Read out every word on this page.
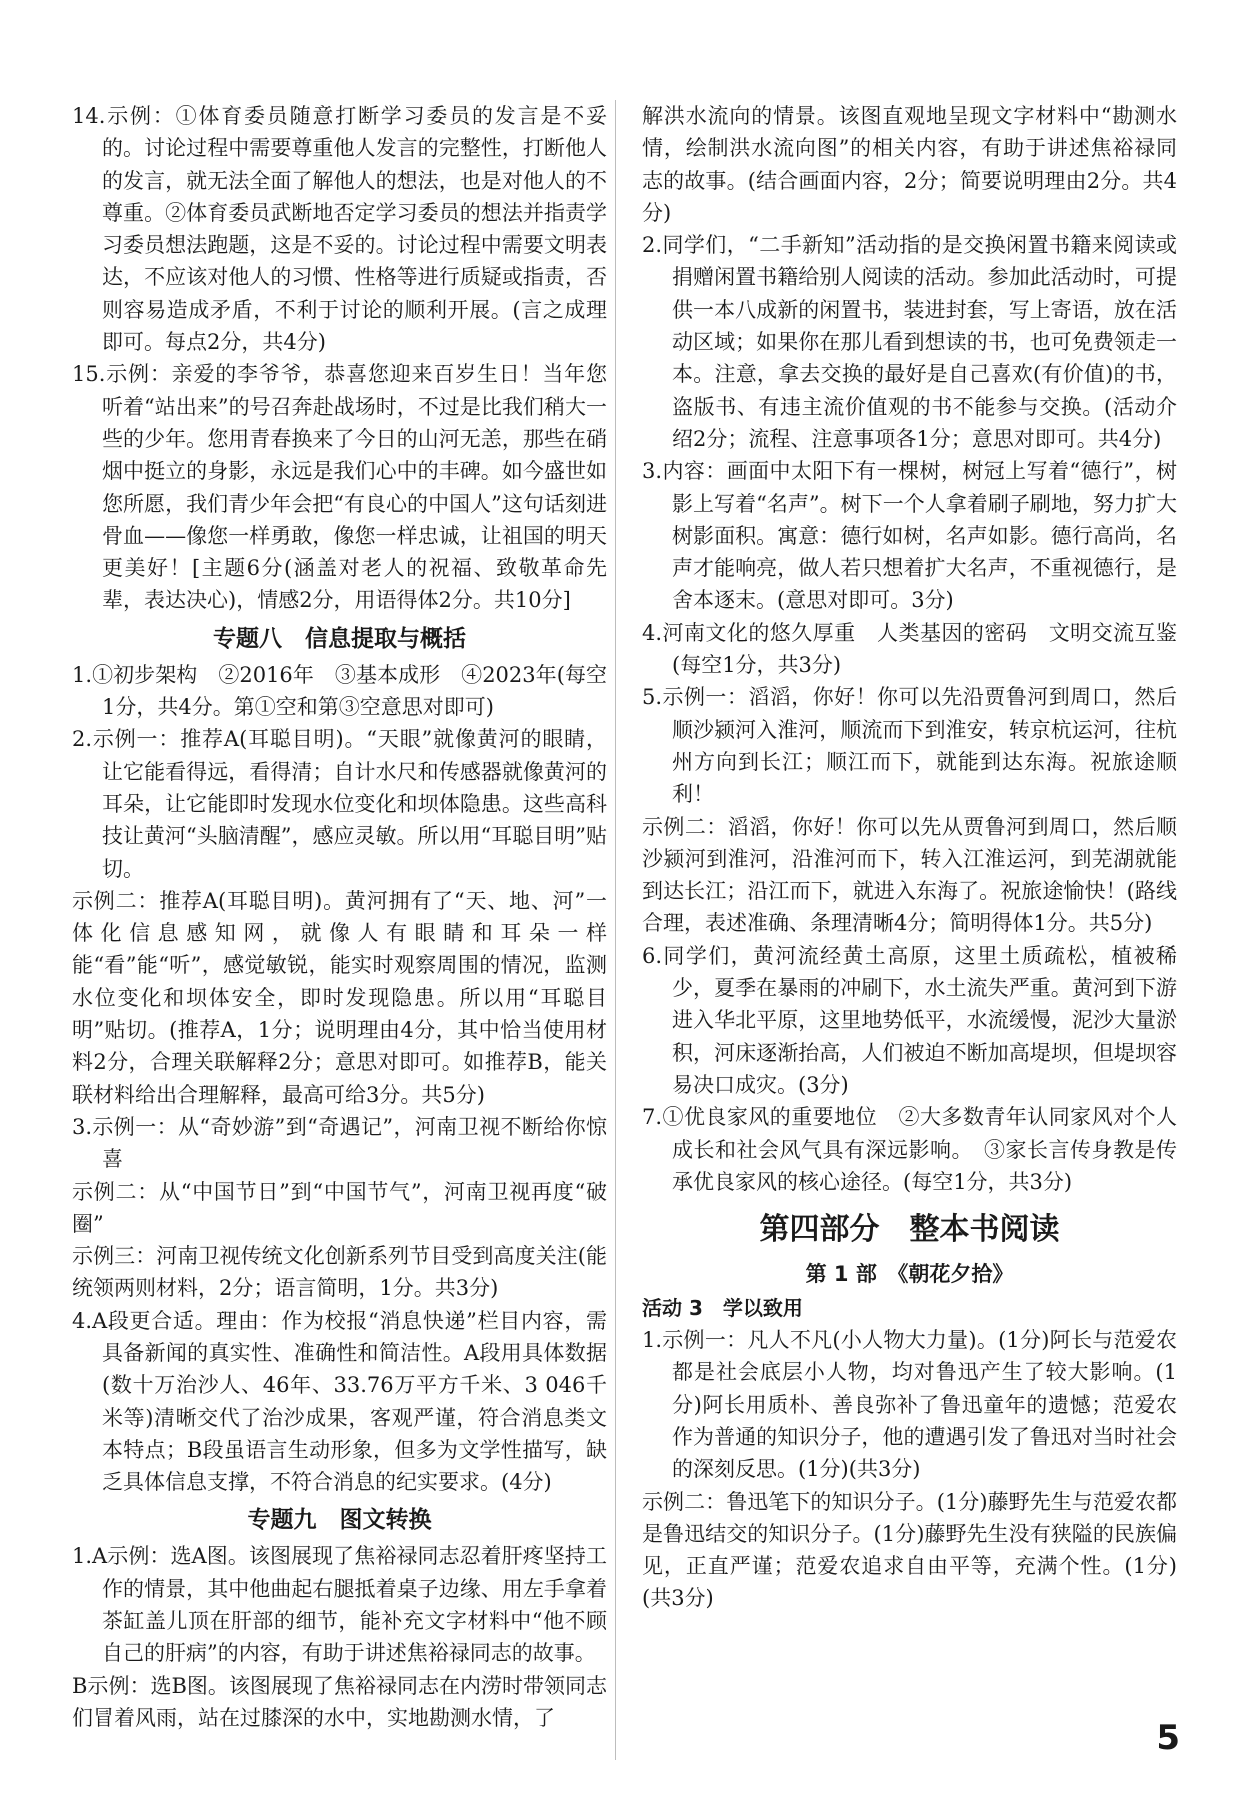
14.示例：①体育委员随意打断学习委员的发言是不妥的。讨论过程中需要尊重他人发言的完整性，打断他人的发言，就无法全面了解他人的想法，也是对他人的不尊重。②体育委员武断地否定学习委员的想法并指责学习委员想法跑题，这是不妥的。讨论过程中需要文明表达，不应该对他人的习惯、性格等进行质疑或指责，否则容易造成矛盾，不利于讨论的顺利开展。(言之成理即可。每点2分，共4分)
15.示例：亲爱的李爷爷，恭喜您迎来百岁生日！当年您听着“站出来”的号召奔赴战场时，不过是比我们稍大一些的少年。您用青春换来了今日的山河无恙，那些在硝烟中挺立的身影，永远是我们心中的丰碑。如今盛世如您所愿，我们青少年会把“有良心的中国人”这句话刻进骨血——像您一样勇敢，像您一样忠诚，让祖国的明天更美好！[主题6分(涵盖对老人的祝福、致敬革命先辈，表达决心)，情感2分，用语得体2分。共10分]
专题八　信息提取与概括
1.①初步架构　②2016年　③基本成形　④2023年(每空1分，共4分。第①空和第③空意思对即可)
2.示例一：推荐A(耳聪目明)。“天眼”就像黄河的眼睛，让它能看得远，看得清；自计水尺和传感器就像黄河的耳朵，让它能即时发现水位变化和坝体隐患。这些高科技让黄河“头脑清醒”，感应灵敏。所以用“耳聪目明”贴切。
示例二：推荐A(耳聪目明)。黄河拥有了“天、地、河”一体化信息感知网，就像人有眼睛和耳朵一样能“看”能“听”，感觉敏锐，能实时观察周围的情况，监测水位变化和坝体安全，即时发现隐患。所以用“耳聪目明”贴切。(推荐A，1分；说明理由4分，其中恰当使用材料2分，合理关联解释2分；意思对即可。如推荐B，能关联材料给出合理解释，最高可给3分。共5分)
3.示例一：从“奇妙游”到“奇遇记”，河南卫视不断给你惊喜
示例二：从“中国节日”到“中国节气”，河南卫视再度“破圈”
示例三：河南卫视传统文化创新系列节目受到高度关注(能统领两则材料，2分；语言简明，1分。共3分)
4.A段更合适。理由：作为校报“消息快递”栏目内容，需具备新闻的真实性、准确性和简洁性。A段用具体数据(数十万治沙人、46年、33.76万平方千米、3 046千米等)清晰交代了治沙成果，客观严谨，符合消息类文本特点；B段虽语言生动形象，但多为文学性描写，缺乏具体信息支撑，不符合消息的纪实要求。(4分)
专题九　图文转换
1.A示例：选A图。该图展现了焦裕禄同志忍着肝疼坚持工作的情景，其中他曲起右腿抵着桌子边缘、用左手拿着茶缸盖儿顶在肝部的细节，能补充文字材料中“他不顾自己的肝病”的内容，有助于讲述焦裕禄同志的故事。
B示例：选B图。该图展现了焦裕禄同志在内涝时带领同志们冒着风雨，站在过膝深的水中，实地勘测水情，了
解洪水流向的情景。该图直观地呈现文字材料中“勘测水情，绘制洪水流向图”的相关内容，有助于讲述焦裕禄同志的故事。(结合画面内容，2分；简要说明理由2分。共4分)
2.同学们，“二手新知”活动指的是交换闲置书籍来阅读或捐赠闲置书籍给别人阅读的活动。参加此活动时，可提供一本八成新的闲置书，装进封套，写上寄语，放在活动区域；如果你在那儿看到想读的书，也可免费领走一本。注意，拿去交换的最好是自己喜欢(有价值)的书，盗版书、有违主流价值观的书不能参与交换。(活动介绍2分；流程、注意事项各1分；意思对即可。共4分)
3.内容：画面中太阳下有一棵树，树冠上写着“德行”，树影上写着“名声”。树下一个人拿着刷子刷地，努力扩大树影面积。寓意：德行如树，名声如影。德行高尚，名声才能响亮，做人若只想着扩大名声，不重视德行，是舍本逐末。(意思对即可。3分)
4.河南文化的悠久厚重　人类基因的密码　文明交流互鉴(每空1分，共3分)
5.示例一：滔滔，你好！你可以先沿贾鲁河到周口，然后顺沙颍河入淮河，顺流而下到淮安，转京杭运河，往杭州方向到长江；顺江而下，就能到达东海。祝旅途顺利！
示例二：滔滔，你好！你可以先从贾鲁河到周口，然后顺沙颍河到淮河，沿淮河而下，转入江淮运河，到芜湖就能到达长江；沿江而下，就进入东海了。祝旅途愉快！(路线合理，表述准确、条理清晰4分；简明得体1分。共5分)
6.同学们，黄河流经黄土高原，这里土质疏松，植被稀少，夏季在暴雨的冲刷下，水土流失严重。黄河到下游进入华北平原，这里地势低平，水流缓慢，泥沙大量淤积，河床逐渐抬高，人们被迫不断加高堤坝，但堤坝容易决口成灾。(3分)
7.①优良家风的重要地位　②大多数青年认同家风对个人成长和社会风气具有深远影响。　③家长言传身教是传承优良家风的核心途径。(每空1分，共3分)
第四部分　整本书阅读
第 1 部　《朝花夕拾》
活动 3　学以致用
1.示例一：凡人不凡(小人物大力量)。(1分)阿长与范爱农都是社会底层小人物，均对鲁迅产生了较大影响。(1分)阿长用质朴、善良弥补了鲁迅童年的遗憾；范爱农作为普通的知识分子，他的遭遇引发了鲁迅对当时社会的深刻反思。(1分)(共3分)
示例二：鲁迅笔下的知识分子。(1分)藤野先生与范爱农都是鲁迅结交的知识分子。(1分)藤野先生没有狭隘的民族偏见，正直严谨；范爱农追求自由平等，充满个性。(1分)(共3分)
5
